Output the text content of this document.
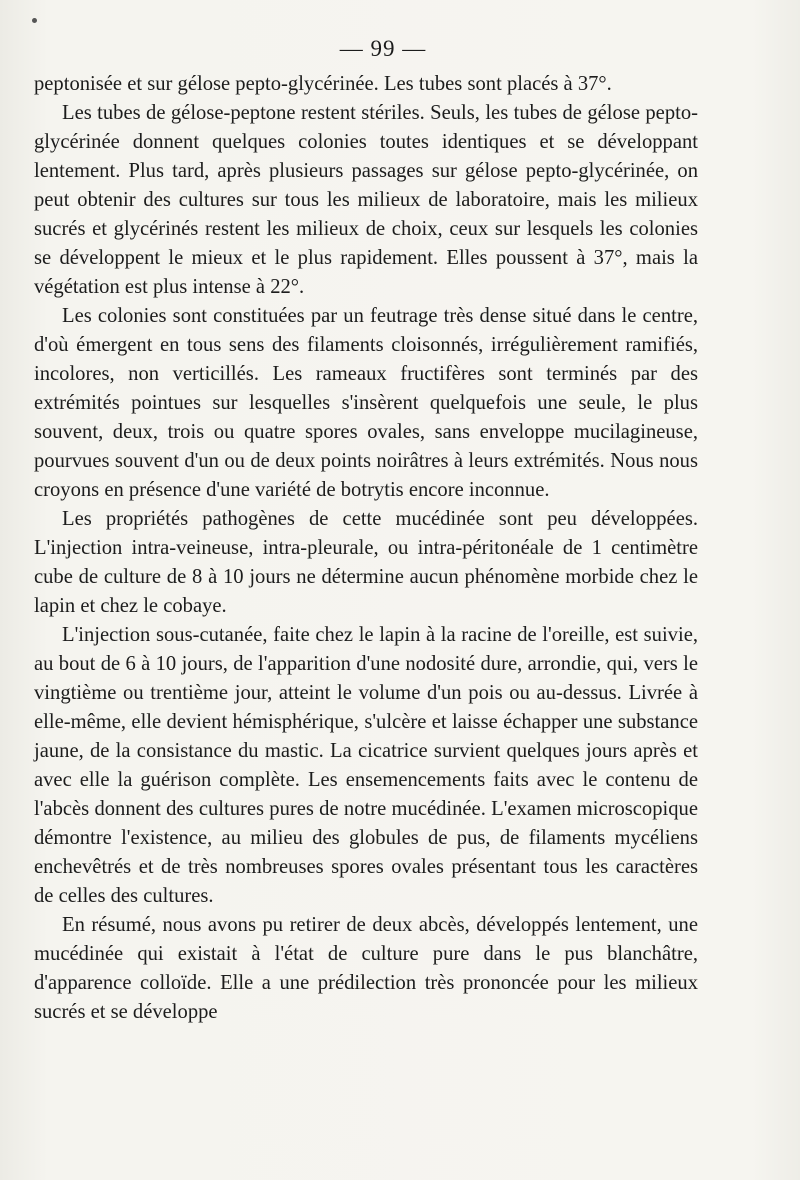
— 99 —

peptonisée et sur gélose pepto-glycérinée. Les tubes sont placés à 37°.

Les tubes de gélose-peptone restent stériles. Seuls, les tubes de gélose pepto-glycérinée donnent quelques colonies toutes identiques et se développant lentement. Plus tard, après plusieurs passages sur gélose pepto-glycérinée, on peut obtenir des cultures sur tous les milieux de laboratoire, mais les milieux sucrés et glycérinés restent les milieux de choix, ceux sur lesquels les colonies se développent le mieux et le plus rapidement. Elles poussent à 37°, mais la végétation est plus intense à 22°.

Les colonies sont constituées par un feutrage très dense situé dans le centre, d'où émergent en tous sens des filaments cloisonnés, irrégulièrement ramifiés, incolores, non verticillés. Les rameaux fructifères sont terminés par des extrémités pointues sur lesquelles s'insèrent quelquefois une seule, le plus souvent, deux, trois ou quatre spores ovales, sans enveloppe mucilagineuse, pourvues souvent d'un ou de deux points noirâtres à leurs extrémités. Nous nous croyons en présence d'une variété de botrytis encore inconnue.

Les propriétés pathogènes de cette mucédinée sont peu développées. L'injection intra-veineuse, intra-pleurale, ou intra-péritonéale de 1 centimètre cube de culture de 8 à 10 jours ne détermine aucun phénomène morbide chez le lapin et chez le cobaye.

L'injection sous-cutanée, faite chez le lapin à la racine de l'oreille, est suivie, au bout de 6 à 10 jours, de l'apparition d'une nodosité dure, arrondie, qui, vers le vingtième ou trentième jour, atteint le volume d'un pois ou au-dessus. Livrée à elle-même, elle devient hémisphérique, s'ulcère et laisse échapper une substance jaune, de la consistance du mastic. La cicatrice survient quelques jours après et avec elle la guérison complète. Les ensemencements faits avec le contenu de l'abcès donnent des cultures pures de notre mucédinée. L'examen microscopique démontre l'existence, au milieu des globules de pus, de filaments mycéliens enchevêtrés et de très nombreuses spores ovales présentant tous les caractères de celles des cultures.

En résumé, nous avons pu retirer de deux abcès, développés lentement, une mucédinée qui existait à l'état de culture pure dans le pus blanchâtre, d'apparence colloïde. Elle a une prédilection très prononcée pour les milieux sucrés et se développe
